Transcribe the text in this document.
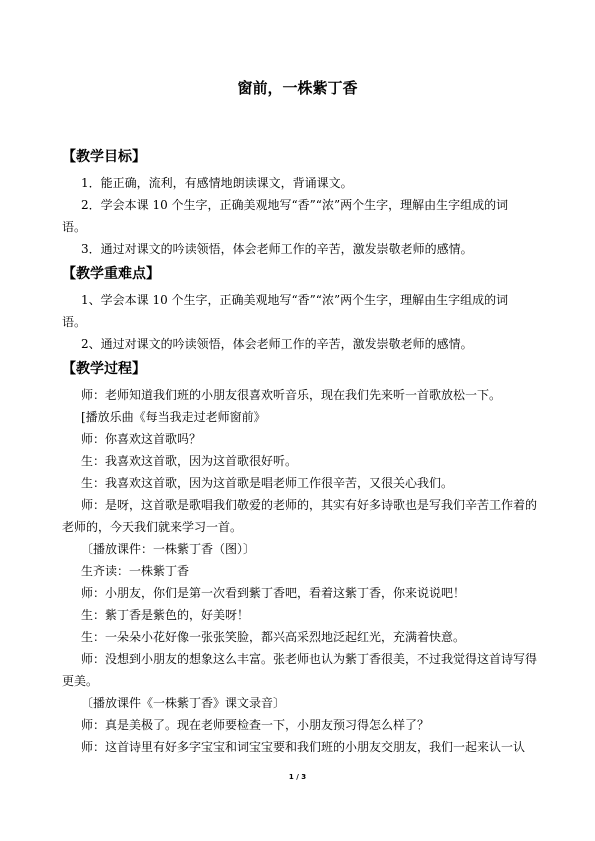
窗前，一株紫丁香
【教学目标】
1．能正确，流利，有感情地朗读课文，背诵课文。
2．学会本课 10 个生字，正确美观地写“香”“浓”两个生字，理解由生字组成的词
语。
3．通过对课文的吟读领悟，体会老师工作的辛苦，激发崇敬老师的感情。
【教学重难点】
1、学会本课 10 个生字，正确美观地写“香”“浓”两个生字，理解由生字组成的词
语。
2、通过对课文的吟读领悟，体会老师工作的辛苦，激发崇敬老师的感情。
【教学过程】
师：老师知道我们班的小朋友很喜欢听音乐，现在我们先来听一首歌放松一下。
[播放乐曲《每当我走过老师窗前》
师：你喜欢这首歌吗？
生：我喜欢这首歌，因为这首歌很好听。
生：我喜欢这首歌，因为这首歌是唱老师工作很辛苦，又很关心我们。
师：是呀，这首歌是歌唱我们敬爱的老师的，其实有好多诗歌也是写我们辛苦工作着的
老师的，今天我们就来学习一首。
〔播放课件：一株紫丁香（图）〕
生齐读：一株紫丁香
师：小朋友，你们是第一次看到紫丁香吧，看着这紫丁香，你来说说吧！
生：紫丁香是紫色的，好美呀！
生：一朵朵小花好像一张张笑脸，都兴高采烈地泛起红光，充满着快意。
师：没想到小朋友的想象这么丰富。张老师也认为紫丁香很美，不过我觉得这首诗写得
更美。
〔播放课件《一株紫丁香》课文录音〕
师：真是美极了。现在老师要检查一下，小朋友预习得怎么样了？
师：这首诗里有好多字宝宝和词宝宝要和我们班的小朋友交朋友，我们一起来认一认
1 / 3
